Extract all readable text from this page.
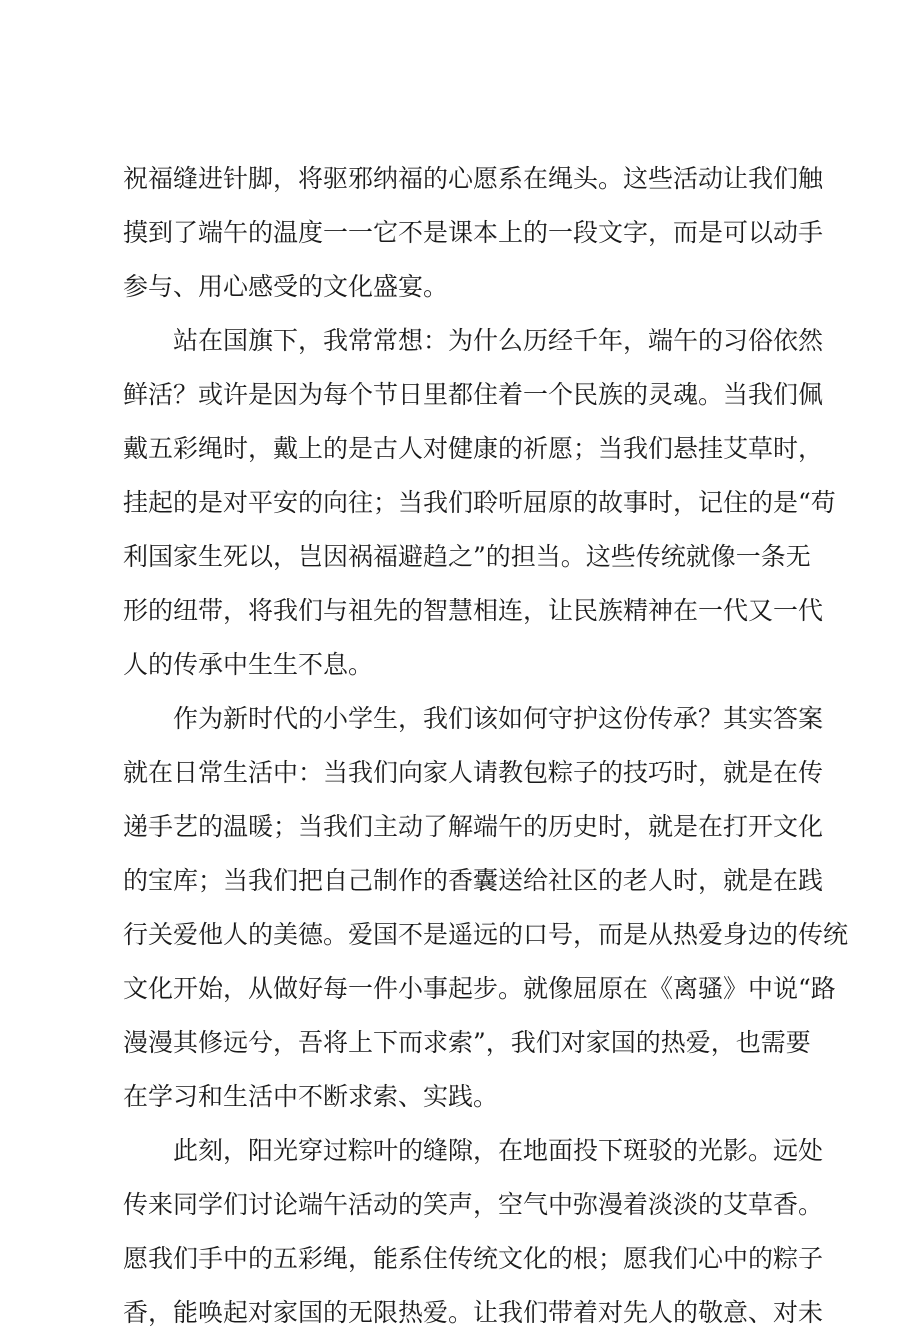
祝福缝进针脚，将驱邪纳福的心愿系在绳头。这些活动让我们触
摸到了端午的温度一一它不是课本上的一段文字，而是可以动手
参与、用心感受的文化盛宴。
站在国旗下，我常常想：为什么历经千年，端午的习俗依然
鲜活？或许是因为每个节日里都住着一个民族的灵魂。当我们佩
戴五彩绳时，戴上的是古人对健康的祈愿；当我们悬挂艾草时，
挂起的是对平安的向往；当我们聆听屈原的故事时，记住的是“苟
利国家生死以，岂因祸福避趋之”的担当。这些传统就像一条无
形的纽带，将我们与祖先的智慧相连，让民族精神在一代又一代
人的传承中生生不息。
作为新时代的小学生，我们该如何守护这份传承？其实答案
就在日常生活中：当我们向家人请教包粽子的技巧时，就是在传
递手艺的温暖；当我们主动了解端午的历史时，就是在打开文化
的宝库；当我们把自己制作的香囊送给社区的老人时，就是在践
行关爱他人的美德。爱国不是遥远的口号，而是从热爱身边的传统
文化开始，从做好每一件小事起步。就像屈原在《离骚》中说“路
漫漫其修远兮，吾将上下而求索”，我们对家国的热爱，也需要
在学习和生活中不断求索、实践。
此刻，阳光穿过粽叶的缝隙，在地面投下斑驳的光影。远处
传来同学们讨论端午活动的笑声，空气中弥漫着淡淡的艾草香。
愿我们手中的五彩绳，能系住传统文化的根；愿我们心中的粽子
香，能唤起对家国的无限热爱。让我们带着对先人的敬意、对未
